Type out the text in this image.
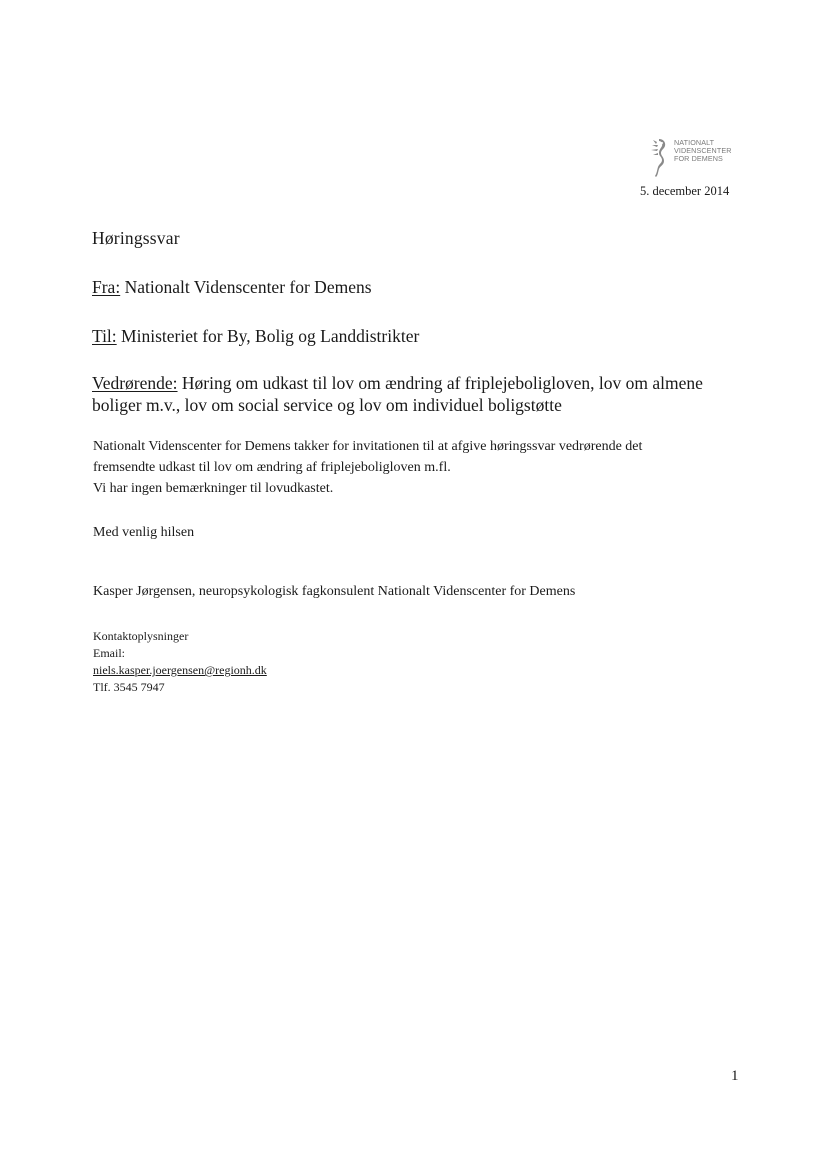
NATIONALT
VIDENSCENTER
FOR DEMENS
5. december 2014
Høringssvar
Fra: Nationalt Videnscenter for Demens
Til: Ministeriet for By, Bolig og Landdistrikter
Vedrørende: Høring om udkast til lov om ændring af friplejeboligloven, lov om almene boliger m.v., lov om social service og lov om individuel boligstøtte
Nationalt Videnscenter for Demens takker for invitationen til at afgive høringssvar vedrørende det
fremsendte udkast til lov om ændring af friplejeboligloven m.fl.
Vi har ingen bemærkninger til lovudkastet.
Med venlig hilsen
Kasper Jørgensen, neuropsykologisk fagkonsulent Nationalt Videnscenter for Demens
Kontaktoplysninger
Email:
niels.kasper.joergensen@regionh.dk
Tlf. 3545 7947
1
